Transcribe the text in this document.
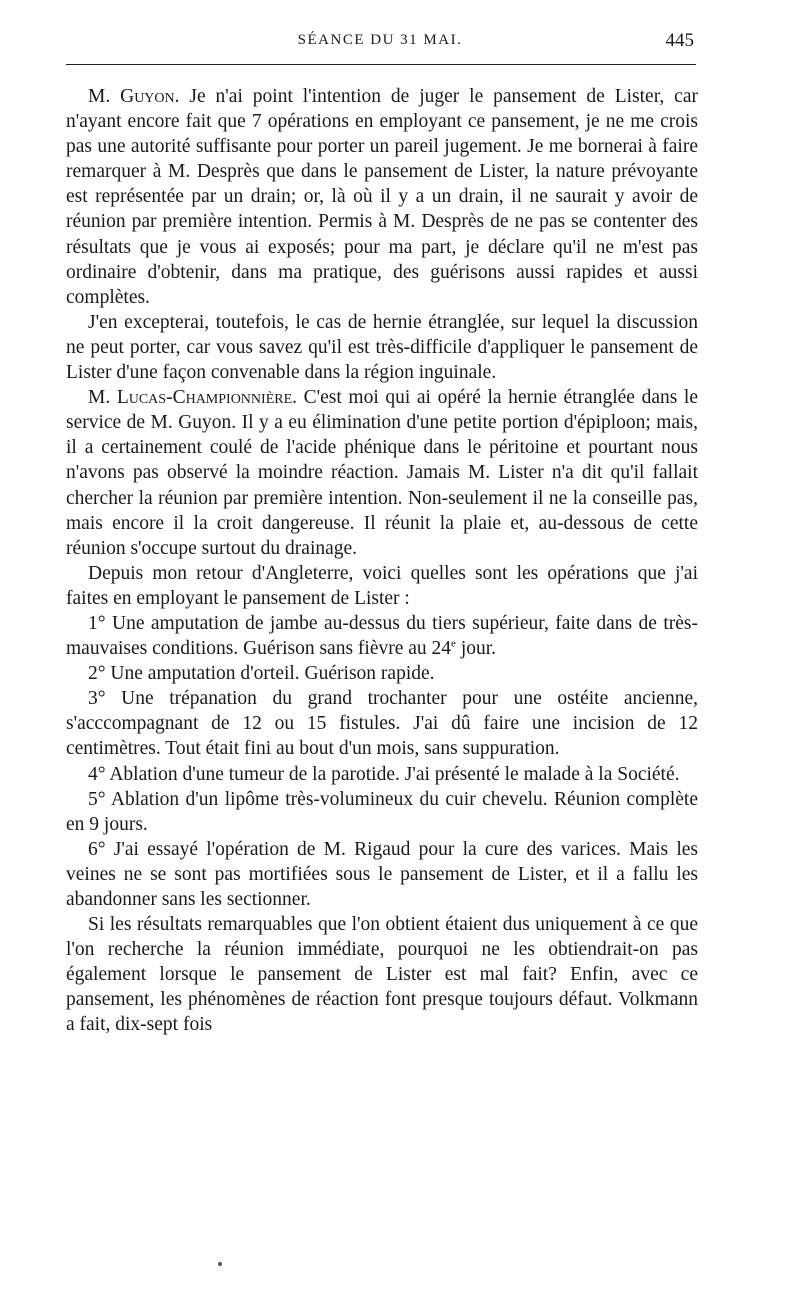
SÉANCE DU 31 MAI.	445

M. Guyon. Je n'ai point l'intention de juger le pansement de Lister, car n'ayant encore fait que 7 opérations en employant ce pansement, je ne me crois pas une autorité suffisante pour porter un pareil jugement. Je me bornerai à faire remarquer à M. Desprès que dans le pansement de Lister, la nature prévoyante est représentée par un drain; or, là où il y a un drain, il ne saurait y avoir de réunion par première intention. Permis à M. Desprès de ne pas se contenter des résultats que je vous ai exposés; pour ma part, je déclare qu'il ne m'est pas ordinaire d'obtenir, dans ma pratique, des guérisons aussi rapides et aussi complètes.

J'en excepterai, toutefois, le cas de hernie étranglée, sur lequel la discussion ne peut porter, car vous savez qu'il est très-difficile d'appliquer le pansement de Lister d'une façon convenable dans la région inguinale.

M. Lucas-Championnière. C'est moi qui ai opéré la hernie étranglée dans le service de M. Guyon. Il y a eu élimination d'une petite portion d'épiploon; mais, il a certainement coulé de l'acide phénique dans le péritoine et pourtant nous n'avons pas observé la moindre réaction. Jamais M. Lister n'a dit qu'il fallait chercher la réunion par première intention. Non-seulement il ne la conseille pas, mais encore il la croit dangereuse. Il réunit la plaie et, au-dessous de cette réunion s'occupe surtout du drainage.

Depuis mon retour d'Angleterre, voici quelles sont les opérations que j'ai faites en employant le pansement de Lister :

1° Une amputation de jambe au-dessus du tiers supérieur, faite dans de très-mauvaises conditions. Guérison sans fièvre au 24e jour.

2° Une amputation d'orteil. Guérison rapide.

3° Une trépanation du grand trochanter pour une ostéite ancienne, s'acccompagnant de 12 ou 15 fistules. J'ai dû faire une incision de 12 centimètres. Tout était fini au bout d'un mois, sans suppuration.

4° Ablation d'une tumeur de la parotide. J'ai présenté le malade à la Société.

5° Ablation d'un lipôme très-volumineux du cuir chevelu. Réunion complète en 9 jours.

6° J'ai essayé l'opération de M. Rigaud pour la cure des varices. Mais les veines ne se sont pas mortifiées sous le pansement de Lister, et il a fallu les abandonner sans les sectionner.

Si les résultats remarquables que l'on obtient étaient dus uniquement à ce que l'on recherche la réunion immédiate, pourquoi ne les obtiendrait-on pas également lorsque le pansement de Lister est mal fait? Enfin, avec ce pansement, les phénomènes de réaction font presque toujours défaut. Volkmann a fait, dix-sept fois
